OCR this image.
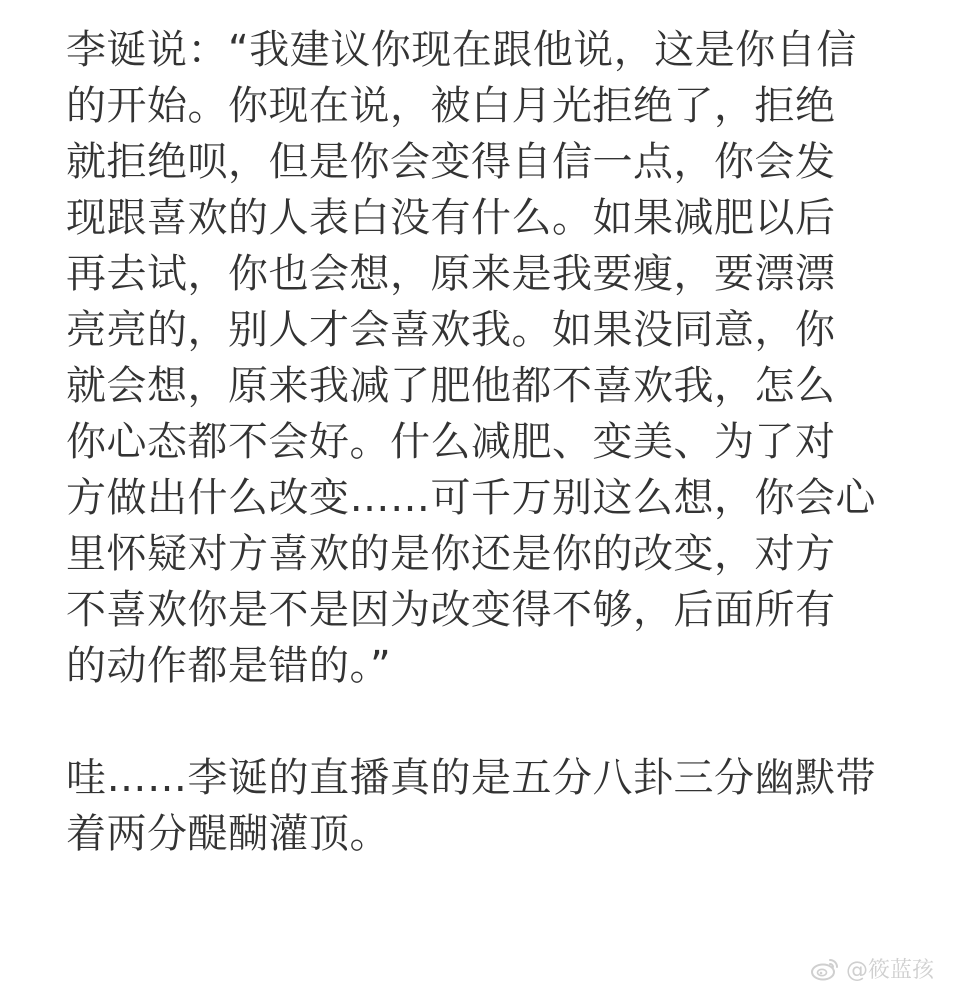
李诞说：“我建议你现在跟他说，这是你自信
的开始。你现在说，被白月光拒绝了，拒绝
就拒绝呗，但是你会变得自信一点，你会发
现跟喜欢的人表白没有什么。如果减肥以后
再去试，你也会想，原来是我要瘦，要漂漂
亮亮的，别人才会喜欢我。如果没同意，你
就会想，原来我减了肥他都不喜欢我，怎么
你心态都不会好。什么减肥、变美、为了对
方做出什么改变……可千万别这么想，你会心
里怀疑对方喜欢的是你还是你的改变，对方
不喜欢你是不是因为改变得不够，后面所有
的动作都是错的。”
哇……李诞的直播真的是五分八卦三分幽默带
着两分醍醐灌顶。
@筱蓝孩
